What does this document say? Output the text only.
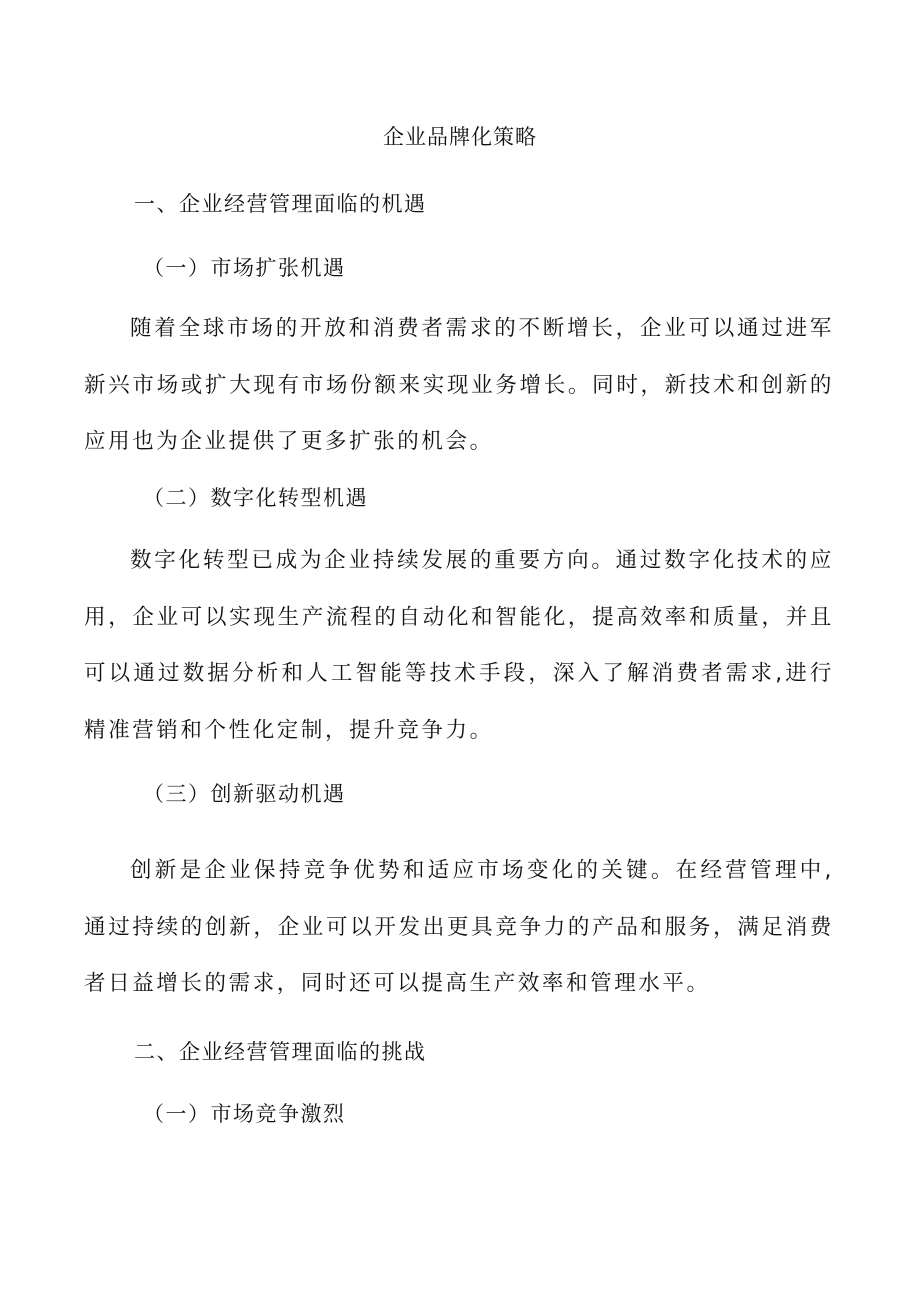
企业品牌化策略
一、企业经营管理面临的机遇
（一）市场扩张机遇

随着全球市场的开放和消费者需求的不断增长，企业可以通过进军新兴市场或扩大现有市场份额来实现业务增长。同时，新技术和创新的应用也为企业提供了更多扩张的机会。

（二）数字化转型机遇

数字化转型已成为企业持续发展的重要方向。通过数字化技术的应用，企业可以实现生产流程的自动化和智能化，提高效率和质量，并且可以通过数据分析和人工智能等技术手段，深入了解消费者需求,进行精准营销和个性化定制，提升竞争力。

（三）创新驱动机遇

创新是企业保持竞争优势和适应市场变化的关键。在经营管理中,通过持续的创新，企业可以开发出更具竞争力的产品和服务，满足消费者日益增长的需求，同时还可以提高生产效率和管理水平。

二、企业经营管理面临的挑战
（一）市场竞争激烈
